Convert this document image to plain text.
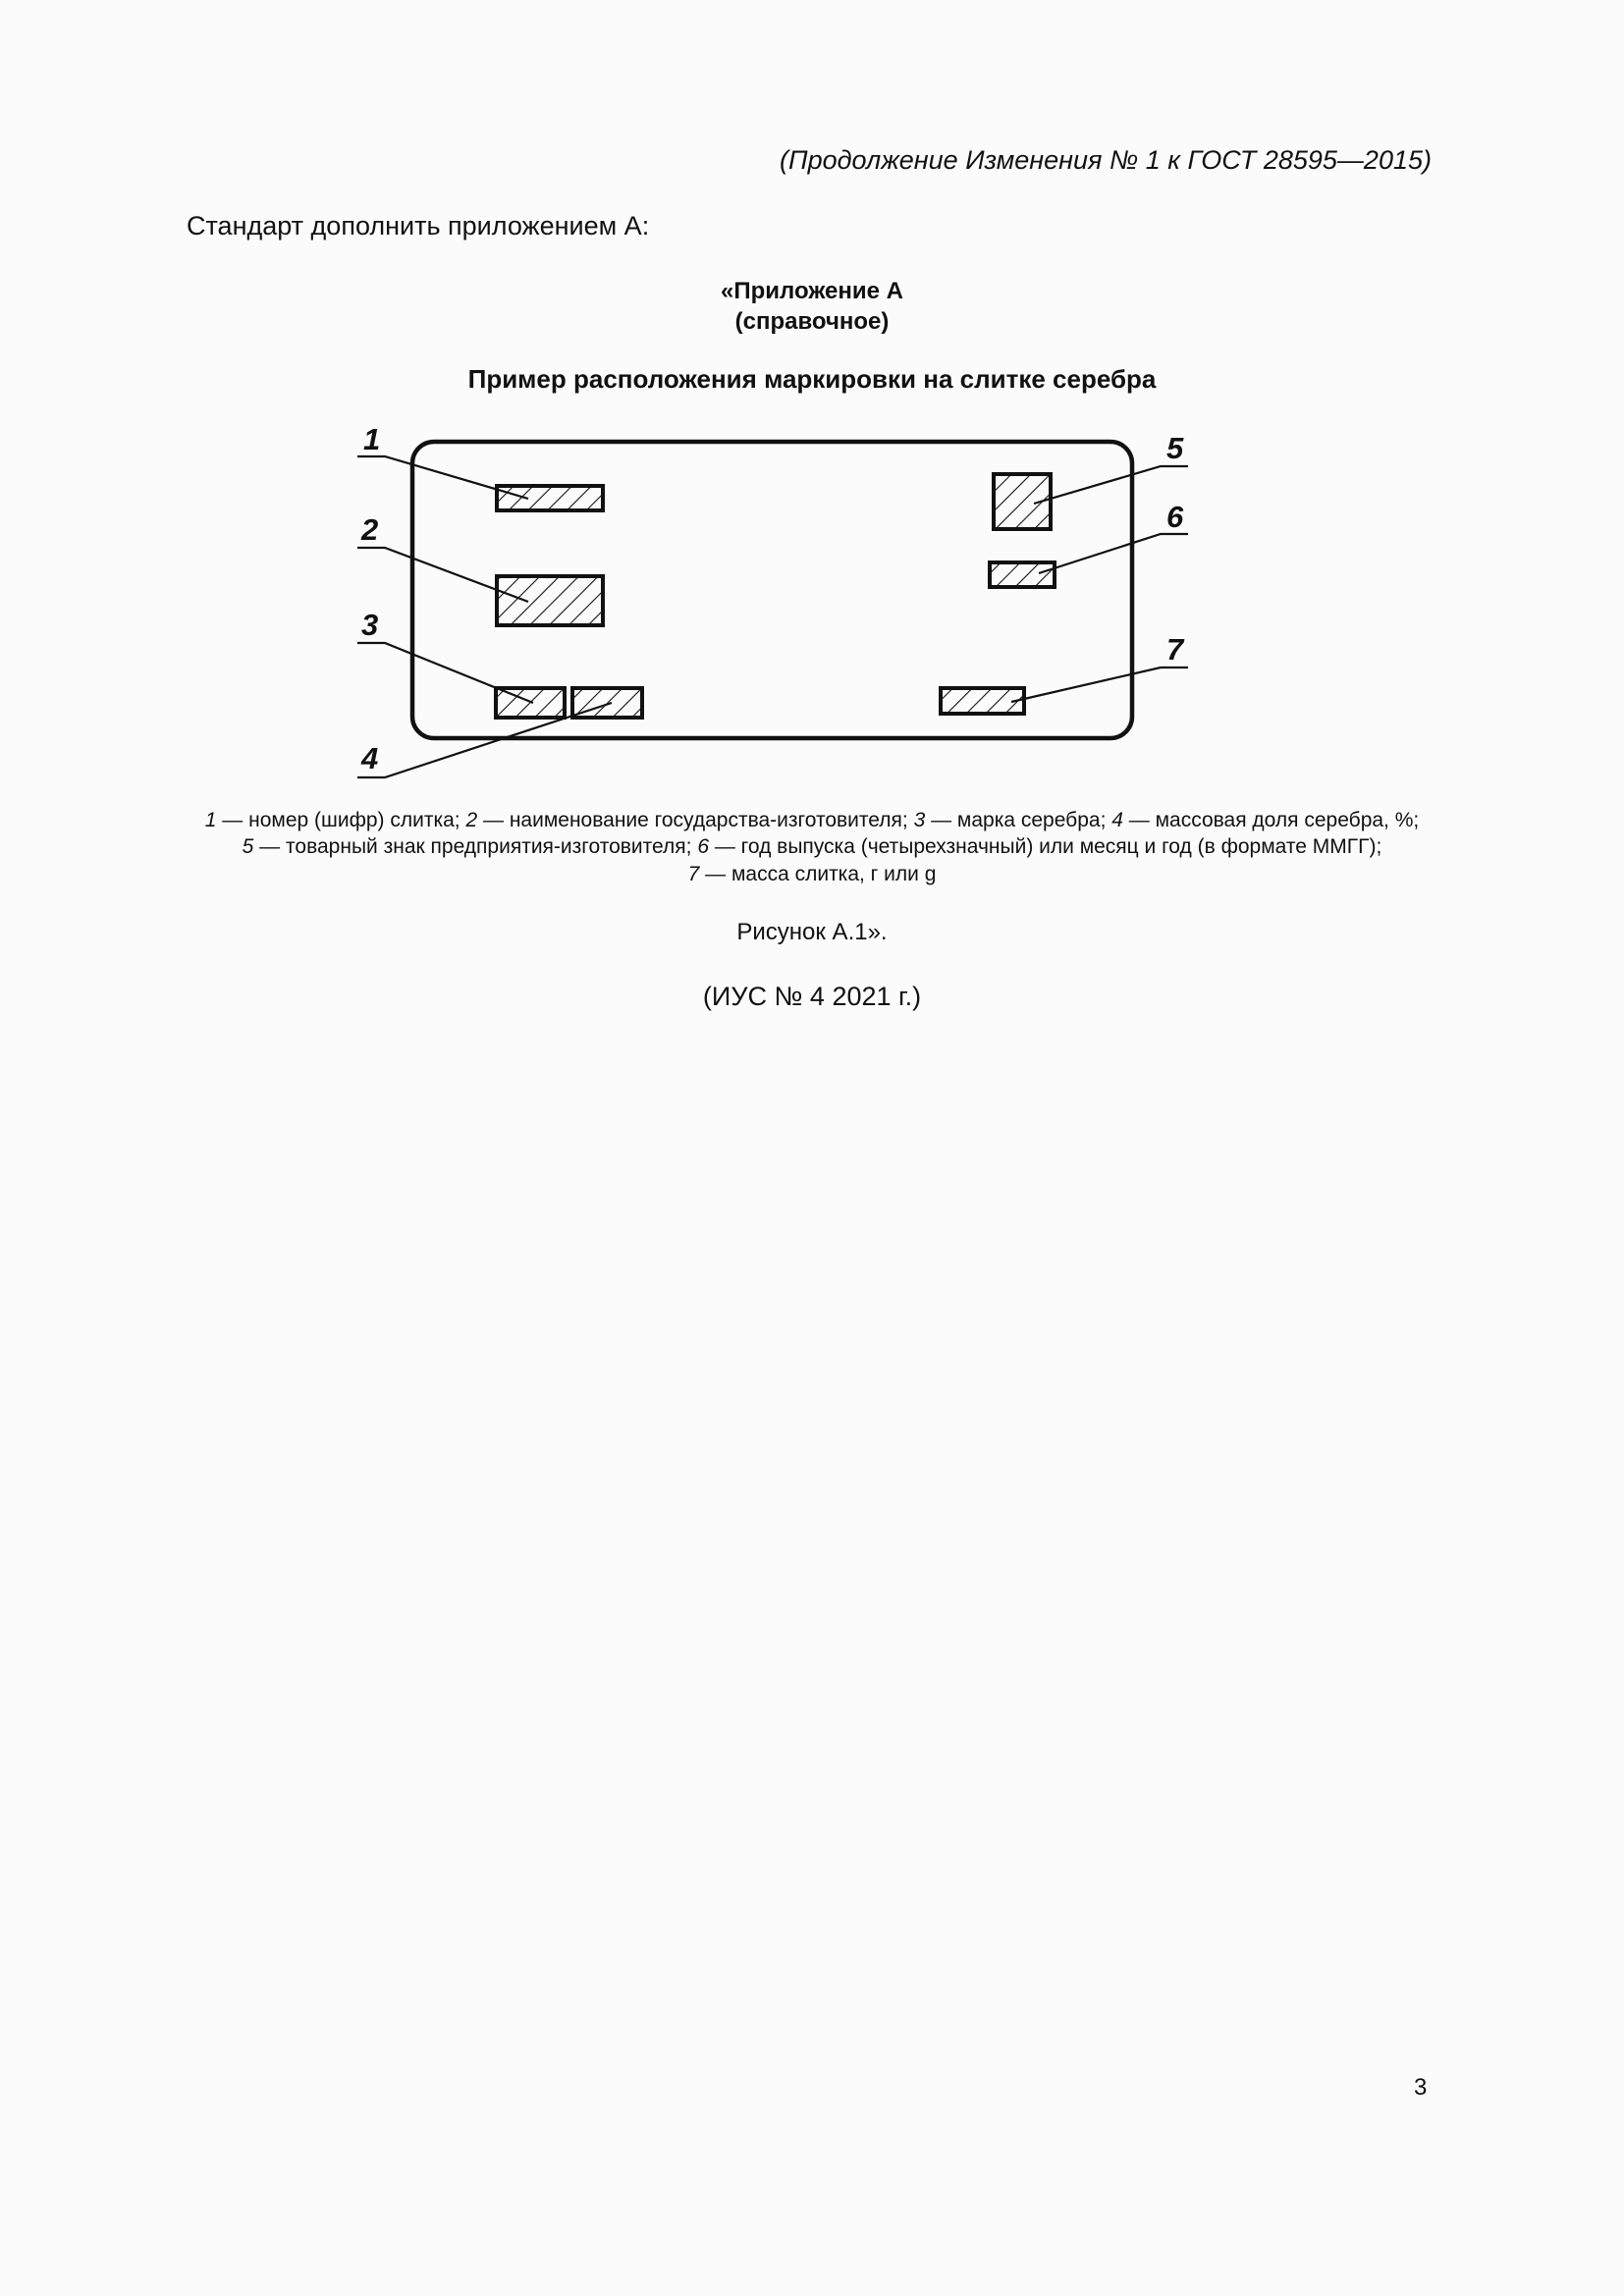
(Продолжение Изменения № 1 к ГОСТ 28595—2015)
Стандарт дополнить приложением А:
«Приложение А
(справочное)
Пример расположения маркировки на слитке серебра
1
2
3
4
5
6
7
1 — номер (шифр) слитка; 2 — наименование государства-изготовителя; 3 — марка серебра; 4 — массовая доля серебра, %;
5 — товарный знак предприятия-изготовителя; 6 — год выпуска (четырехзначный) или месяц и год (в формате ММГГ);
7 — масса слитка, г или g
Рисунок А.1».
(ИУС № 4 2021 г.)
3
